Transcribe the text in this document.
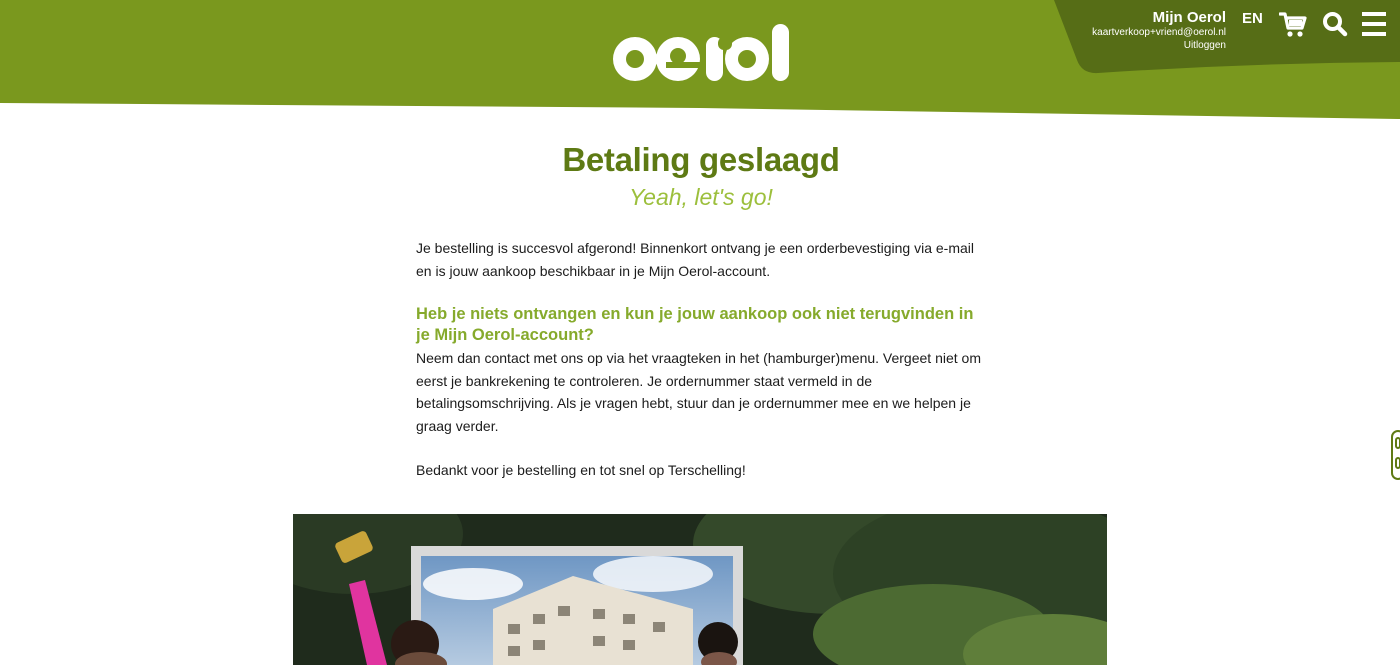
Mijn Oerol
kaartverkoop+vriend@oerol.nl
Uitloggen
EN
Betaling geslaagd
Yeah, let's go!

Je bestelling is succesvol afgerond! Binnenkort ontvang je een orderbevestiging via e-mail en is jouw aankoop beschikbaar in je Mijn Oerol-account.

Heb je niets ontvangen en kun je jouw aankoop ook niet terugvinden in je Mijn Oerol-account?

Neem dan contact met ons op via het vraagteken in het (hamburger)menu. Vergeet niet om eerst je bankrekening te controleren. Je ordernummer staat vermeld in de betalingsomschrijving. Als je vragen hebt, stuur dan je ordernummer mee en we helpen je graag verder.

Bedankt voor je bestelling en tot snel op Terschelling!
